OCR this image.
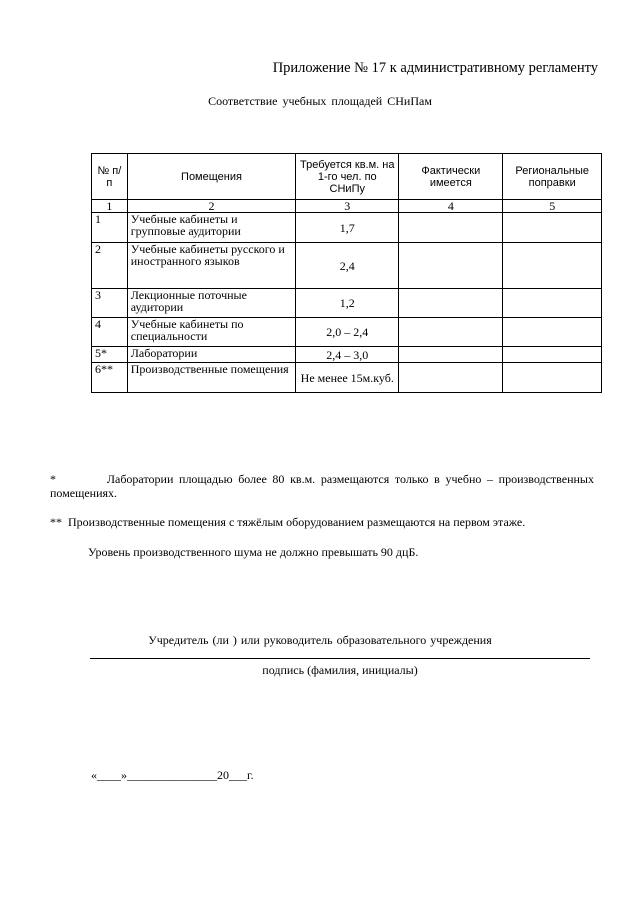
Приложение № 17 к административному регламенту
Соответствие учебных площадей СНиПам
№ п/п	Помещения	Требуется кв.м. на 1-го чел. по СНиПу	Фактически имеется	Региональные поправки
1	2	3	4	5
1	Учебные кабинеты и групповые аудитории	1,7		
2	Учебные кабинеты русского и иностранного языков	2,4		
3	Лекционные поточные аудитории	1,2		
4	Учебные кабинеты по специальности	2,0 – 2,4		
5*	Лаборатории	2,4 – 3,0		
6**	Производственные помещения	Не менее 15м.куб.		
*         Лаборатории площадью более 80 кв.м. размещаются только в учебно – производственных помещениях.
**  Производственные помещения с тяжёлым оборудованием размещаются на первом этаже.
Уровень производственного шума не должно превышать 90 дцБ.
Учредитель (ли ) или руководитель образовательного учреждения
подпись (фамилия, инициалы)
«____»_______________20___г.
